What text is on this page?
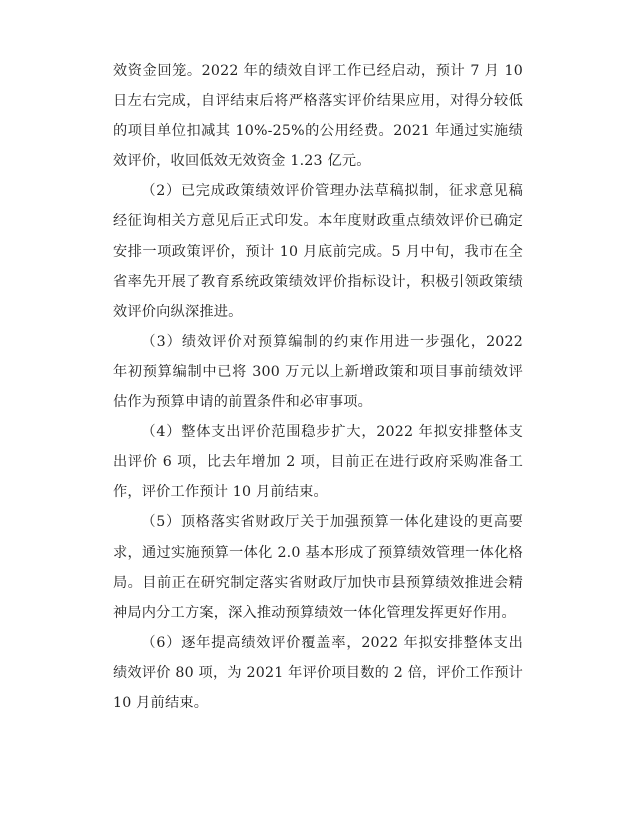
效资金回笼。2022 年的绩效自评工作已经启动，预计 7 月 10 日左右完成，自评结束后将严格落实评价结果应用，对得分较低的项目单位扣减其 10%-25%的公用经费。2021 年通过实施绩效评价，收回低效无效资金 1.23 亿元。

（2）已完成政策绩效评价管理办法草稿拟制，征求意见稿经征询相关方意见后正式印发。本年度财政重点绩效评价已确定安排一项政策评价，预计 10 月底前完成。5 月中旬，我市在全省率先开展了教育系统政策绩效评价指标设计，积极引领政策绩效评价向纵深推进。

（3）绩效评价对预算编制的约束作用进一步强化，2022 年初预算编制中已将 300 万元以上新增政策和项目事前绩效评估作为预算申请的前置条件和必审事项。

（4）整体支出评价范围稳步扩大，2022 年拟安排整体支出评价 6 项，比去年增加 2 项，目前正在进行政府采购准备工作，评价工作预计 10 月前结束。

（5）顶格落实省财政厅关于加强预算一体化建设的更高要求，通过实施预算一体化 2.0 基本形成了预算绩效管理一体化格局。目前正在研究制定落实省财政厅加快市县预算绩效推进会精神局内分工方案，深入推动预算绩效一体化管理发挥更好作用。

（6）逐年提高绩效评价覆盖率，2022 年拟安排整体支出绩效评价 80 项，为 2021 年评价项目数的 2 倍，评价工作预计 10 月前结束。
